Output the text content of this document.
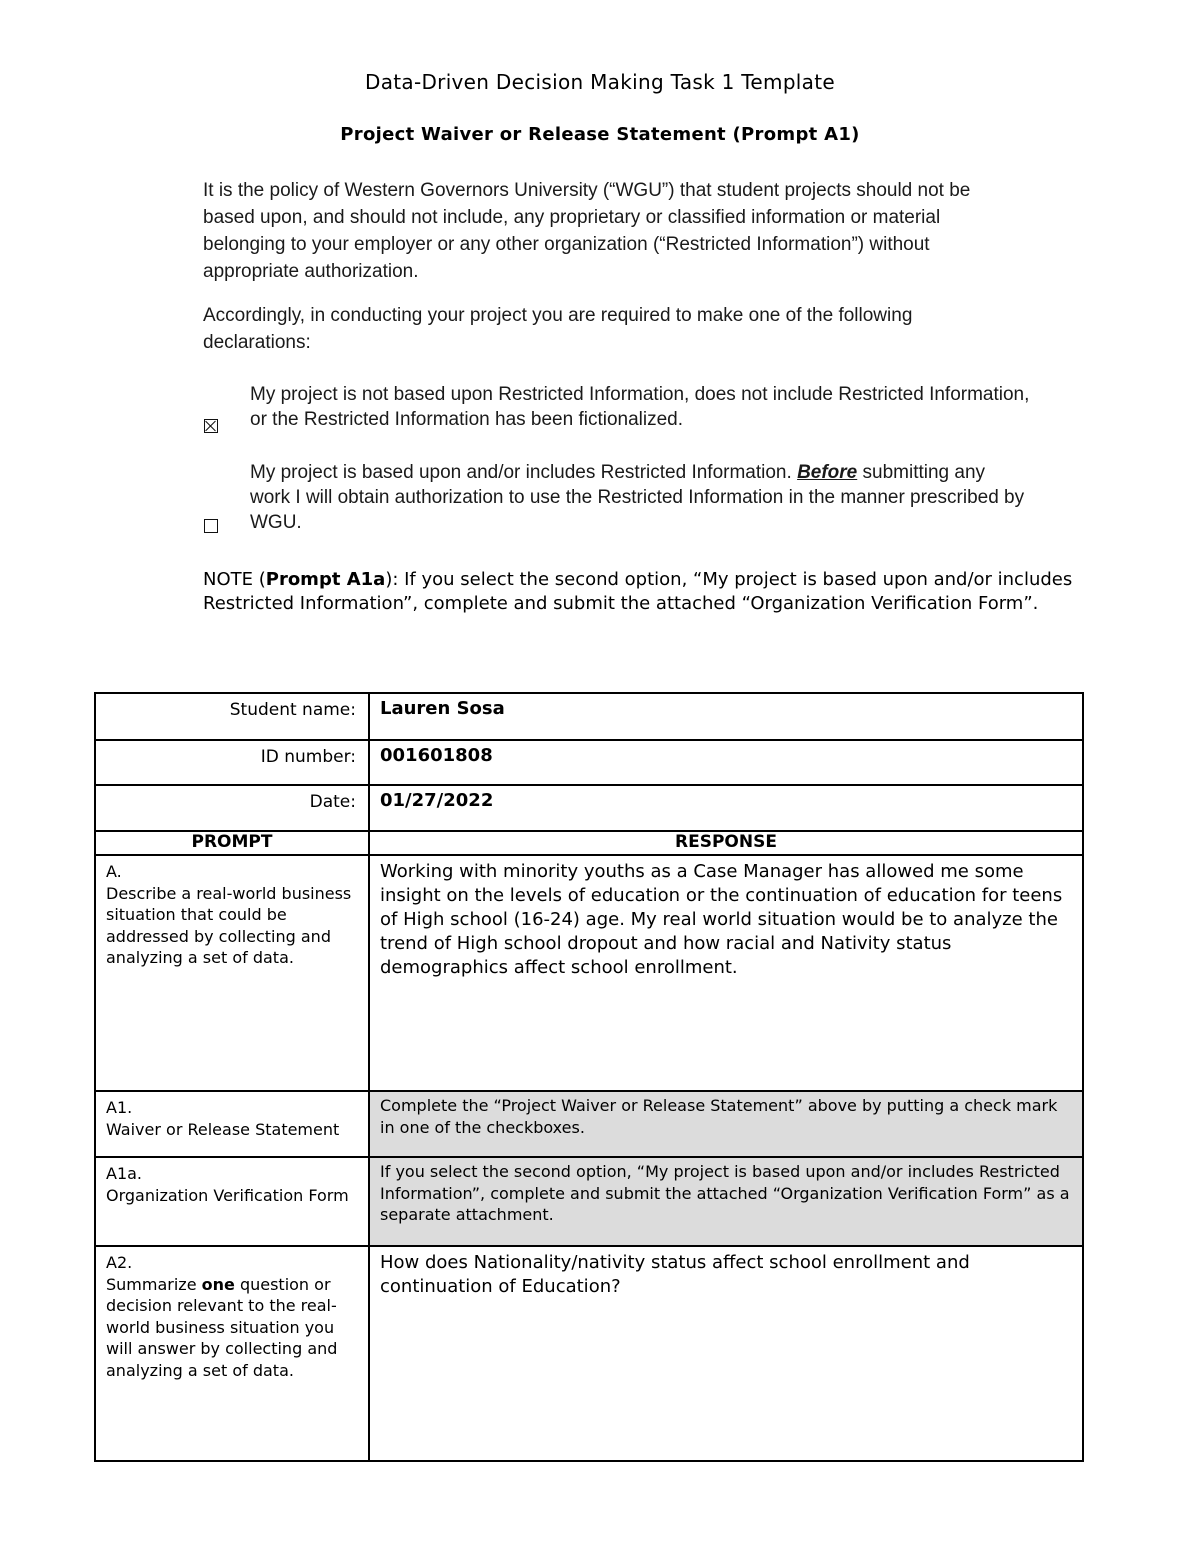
Data-Driven Decision Making Task 1 Template
Project Waiver or Release Statement (Prompt A1)
It is the policy of Western Governors University (“WGU”) that student projects should not be based upon, and should not include, any proprietary or classified information or material belonging to your employer or any other organization (“Restricted Information”) without appropriate authorization.
Accordingly, in conducting your project you are required to make one of the following declarations:
My project is not based upon Restricted Information, does not include Restricted Information, or the Restricted Information has been fictionalized.
My project is based upon and/or includes Restricted Information. Before submitting any work I will obtain authorization to use the Restricted Information in the manner prescribed by WGU.
NOTE (Prompt A1a): If you select the second option, “My project is based upon and/or includes Restricted Information”, complete and submit the attached “Organization Verification Form”.
Student name:	Lauren Sosa
ID number:	001601808
Date:	01/27/2022
PROMPT	RESPONSE

A.
Describe a real-world business situation that could be addressed by collecting and analyzing a set of data.	Working with minority youths as a Case Manager has allowed me some insight on the levels of education or the continuation of education for teens of High school (16-24) age. My real world situation would be to analyze the trend of High school dropout and how racial and Nativity status demographics affect school enrollment.

A1.
Waiver or Release Statement	Complete the “Project Waiver or Release Statement” above by putting a check mark in one of the checkboxes.

A1a.
Organization Verification Form	If you select the second option, “My project is based upon and/or includes Restricted Information”, complete and submit the attached “Organization Verification Form” as a separate attachment.

A2.
Summarize one question or decision relevant to the real-world business situation you will answer by collecting and analyzing a set of data.	How does Nationality/nativity status affect school enrollment and continuation of Education?
